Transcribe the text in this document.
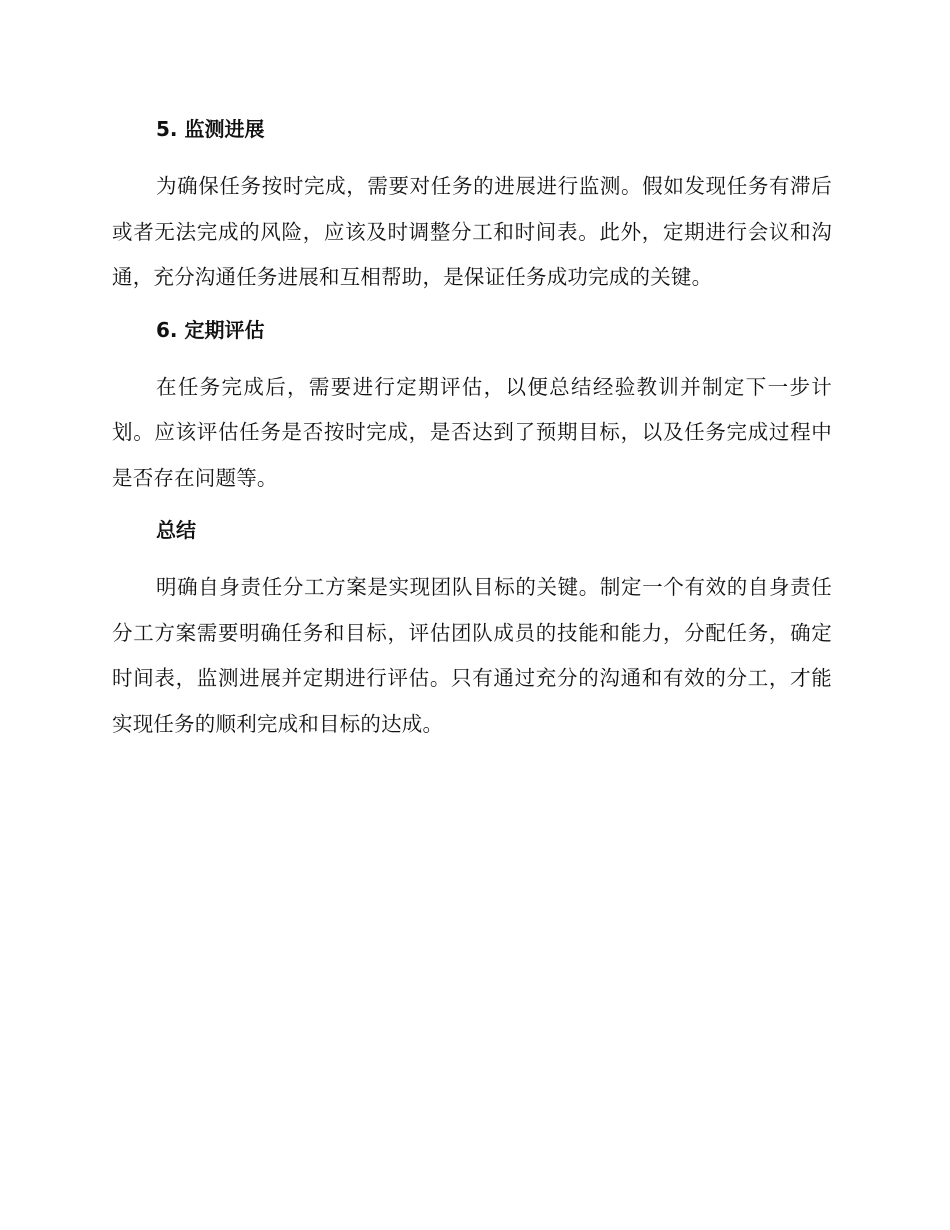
5. 监测进展

为确保任务按时完成，需要对任务的进展进行监测。假如发现任务有滞后或者无法完成的风险，应该及时调整分工和时间表。此外，定期进行会议和沟通，充分沟通任务进展和互相帮助，是保证任务成功完成的关键。

6. 定期评估

在任务完成后，需要进行定期评估，以便总结经验教训并制定下一步计划。应该评估任务是否按时完成，是否达到了预期目标，以及任务完成过程中是否存在问题等。

总结

明确自身责任分工方案是实现团队目标的关键。制定一个有效的自身责任分工方案需要明确任务和目标，评估团队成员的技能和能力，分配任务，确定时间表，监测进展并定期进行评估。只有通过充分的沟通和有效的分工，才能实现任务的顺利完成和目标的达成。
